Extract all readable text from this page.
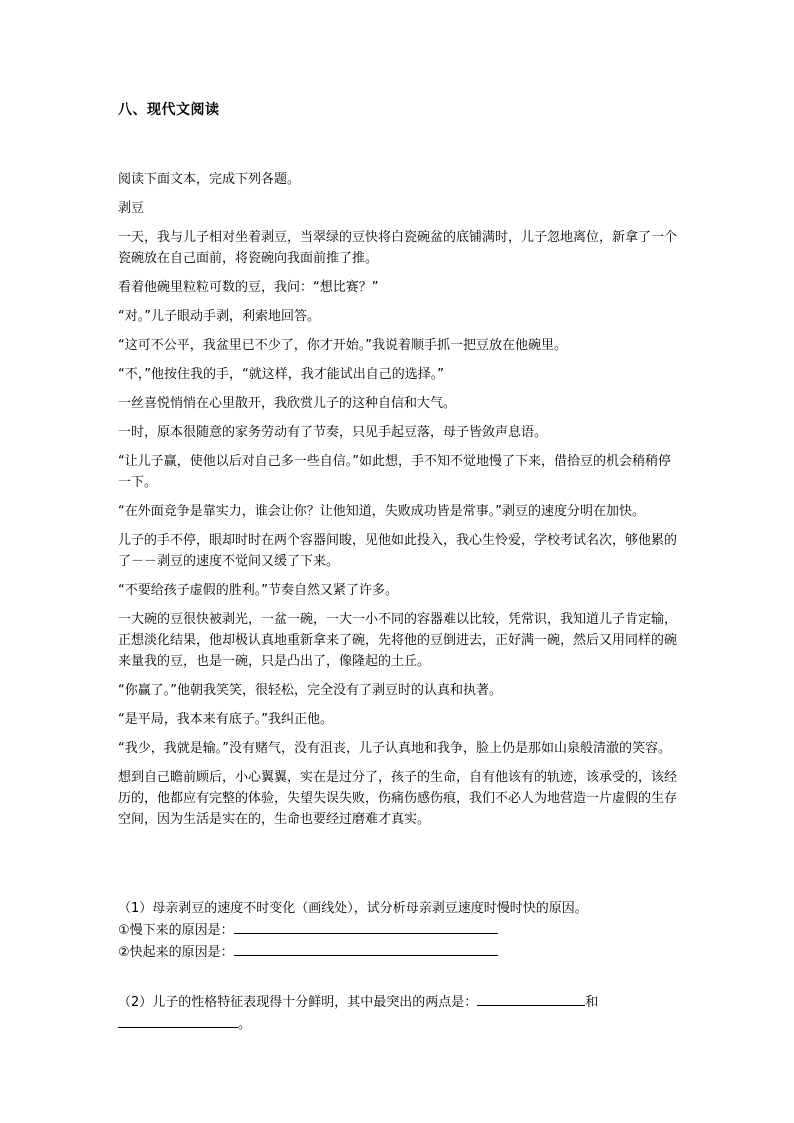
八、现代文阅读

阅读下面文本，完成下列各题。

剥豆

一天，我与儿子相对坐着剥豆，当翠绿的豆快将白瓷碗盆的底铺满时，儿子忽地离位，新拿了一个瓷碗放在自己面前，将瓷碗向我面前推了推。

看着他碗里粒粒可数的豆，我问：“想比赛？”

“对。”儿子眼动手剥，利索地回答。

“这可不公平，我盆里已不少了，你才开始。”我说着顺手抓一把豆放在他碗里。

“不，”他按住我的手，“就这样，我才能试出自己的选择。”

一丝喜悦悄悄在心里散开，我欣赏儿子的这种自信和大气。

一时，原本很随意的家务劳动有了节奏，只见手起豆落，母子皆敛声息语。

“让儿子赢，使他以后对自己多一些自信。”如此想，手不知不觉地慢了下来，借拾豆的机会稍稍停一下。

“在外面竞争是靠实力，谁会让你？让他知道，失败成功皆是常事。”剥豆的速度分明在加快。

儿子的手不停，眼却时时在两个容器间睃，见他如此投入，我心生怜爱，学校考试名次，够他累的了－－剥豆的速度不觉间又缓了下来。

“不要给孩子虚假的胜利。”节奏自然又紧了许多。

一大碗的豆很快被剥光，一盆一碗，一大一小不同的容器难以比较，凭常识，我知道儿子肯定输，正想淡化结果，他却极认真地重新拿来了碗，先将他的豆倒进去，正好满一碗，然后又用同样的碗来量我的豆，也是一碗，只是凸出了，像隆起的土丘。

“你赢了。”他朝我笑笑，很轻松，完全没有了剥豆时的认真和执著。

“是平局，我本来有底子。”我纠正他。

“我少，我就是输。”没有赌气，没有沮丧，儿子认真地和我争，脸上仍是那如山泉般清澈的笑容。

想到自己瞻前顾后，小心翼翼，实在是过分了，孩子的生命，自有他该有的轨迹，该承受的，该经历的，他都应有完整的体验，失望失误失败，伤痛伤感伤痕，我们不必人为地营造一片虚假的生存空间，因为生活是实在的，生命也要经过磨难才真实。

（1）母亲剥豆的速度不时变化（画线处），试分析母亲剥豆速度时慢时快的原因。

①慢下来的原因是：

②快起来的原因是：

（2）儿子的性格特征表现得十分鲜明，其中最突出的两点是：	和

。
